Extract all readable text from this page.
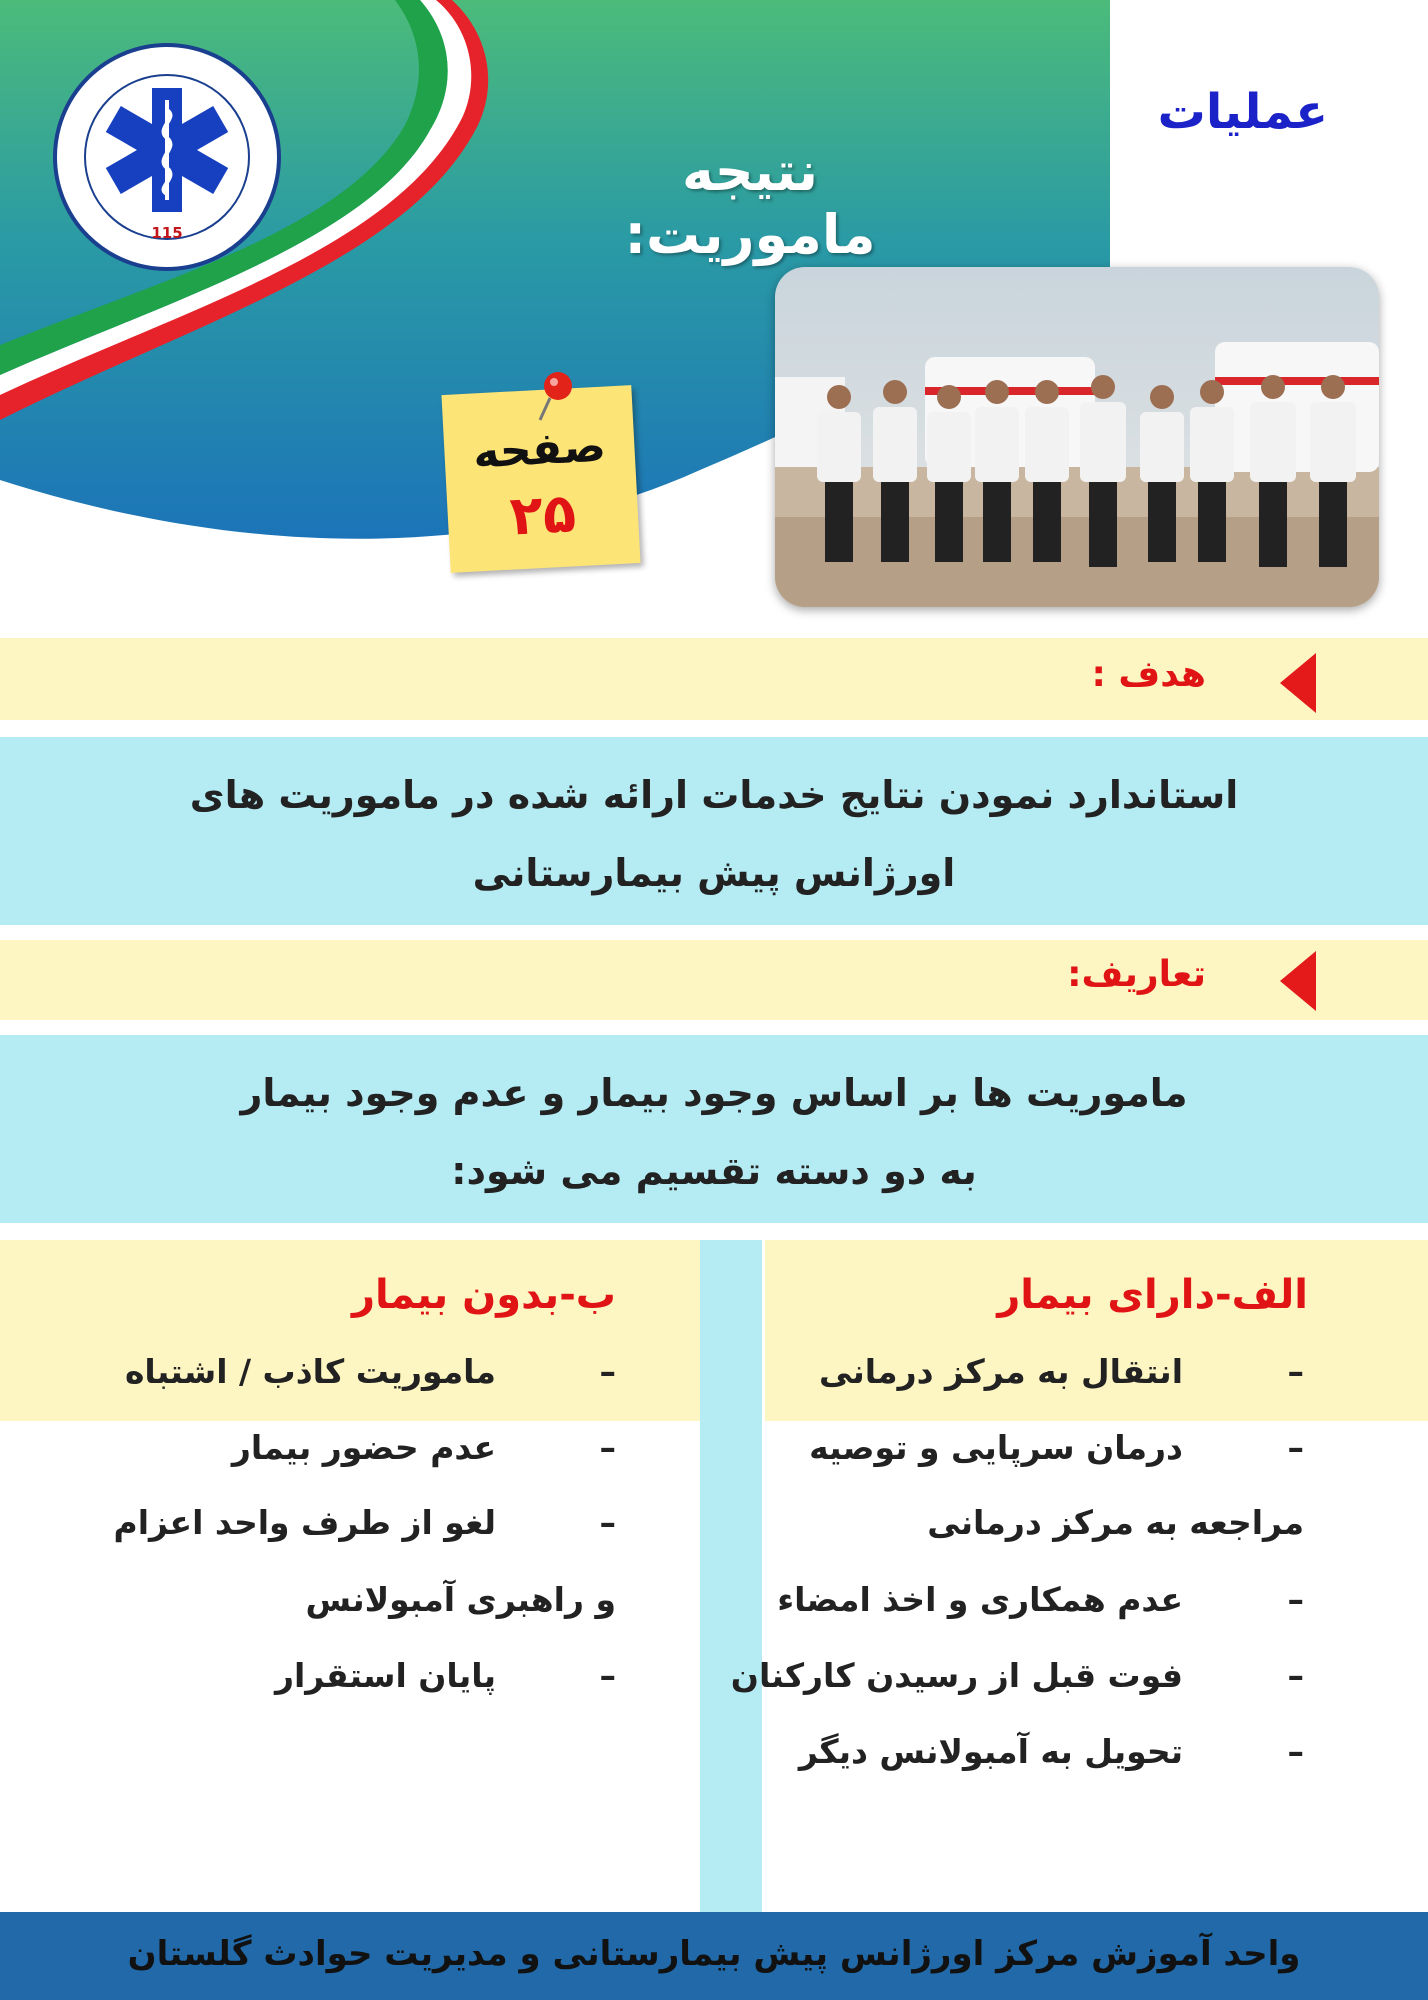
115
عملیات
نتیجه ماموریت:
صفحه
۲۵
هدف :
استاندارد نمودن نتایج خدمات ارائه شده در ماموریت های
اورژانس پیش بیمارستانی
تعاریف:
ماموریت ها بر اساس وجود بیمار و عدم وجود بیمار
به دو دسته تقسیم می شود:
الف-دارای بیمار
–
انتقال به مرکز درمانی
–
درمان سرپایی و توصیه
مراجعه به مرکز درمانی
–
عدم همکاری و اخذ امضاء
–
فوت قبل از رسیدن کارکنان
–
تحویل به آمبولانس دیگر
ب-بدون بیمار
–
ماموریت کاذب / اشتباه
–
عدم حضور بیمار
–
لغو از طرف واحد اعزام
و راهبری آمبولانس
–
پایان استقرار
واحد آموزش مرکز اورژانس پیش بیمارستانی و مدیریت حوادث گلستان
